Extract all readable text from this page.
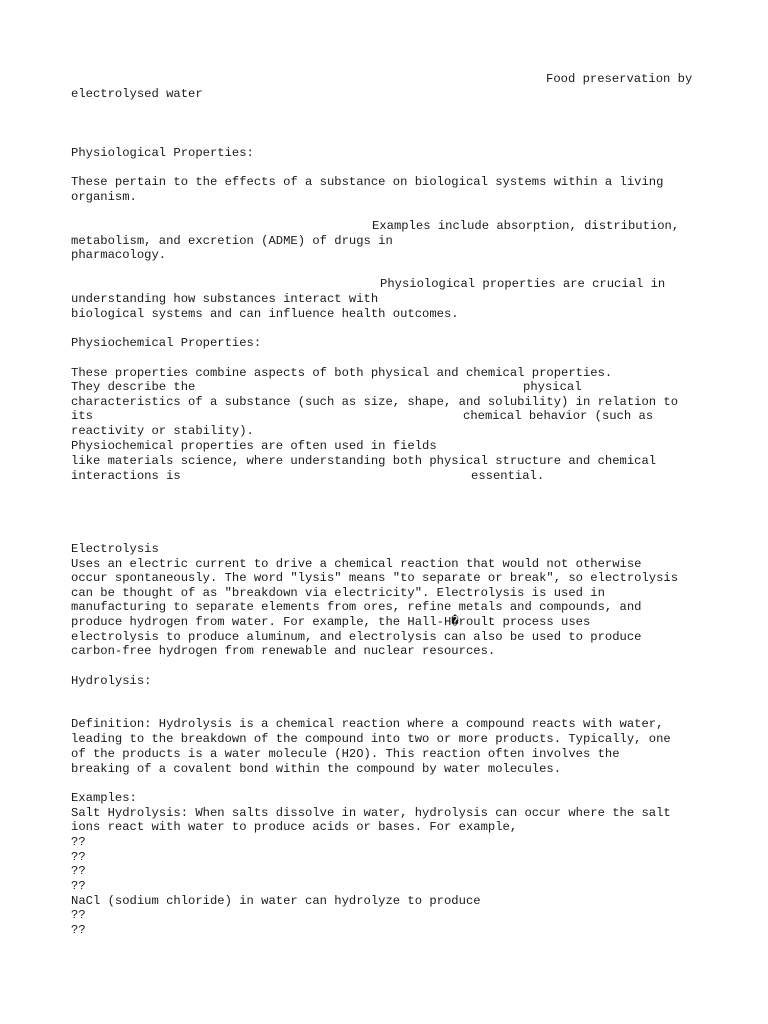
Food preservation by

electrolysed water

Physiological Properties:

These pertain to the effects of a substance on biological systems within a living

organism.

Examples include absorption, distribution,

metabolism, and excretion (ADME) of drugs in

pharmacology.

Physiological properties are crucial in

understanding how substances interact with

biological systems and can influence health outcomes.

Physiochemical Properties:

These properties combine aspects of both physical and chemical properties.

They describe the	physical

characteristics of a substance (such as size, shape, and solubility) in relation to

its	chemical behavior (such as

reactivity or stability).

Physiochemical properties are often used in fields

like materials science, where understanding both physical structure and chemical

interactions is	essential.

Electrolysis

Uses an electric current to drive a chemical reaction that would not otherwise

occur spontaneously. The word "lysis" means "to separate or break", so electrolysis

can be thought of as "breakdown via electricity". Electrolysis is used in

manufacturing to separate elements from ores, refine metals and compounds, and

produce hydrogen from water. For example, the Hall-H�roult process uses

electrolysis to produce aluminum, and electrolysis can also be used to produce

carbon-free hydrogen from renewable and nuclear resources.

Hydrolysis:

Definition: Hydrolysis is a chemical reaction where a compound reacts with water,

leading to the breakdown of the compound into two or more products. Typically, one

of the products is a water molecule (H2O). This reaction often involves the

breaking of a covalent bond within the compound by water molecules.

Examples:

Salt Hydrolysis: When salts dissolve in water, hydrolysis can occur where the salt

ions react with water to produce acids or bases. For example,

??

??

??

??

NaCl (sodium chloride) in water can hydrolyze to produce

??

??
